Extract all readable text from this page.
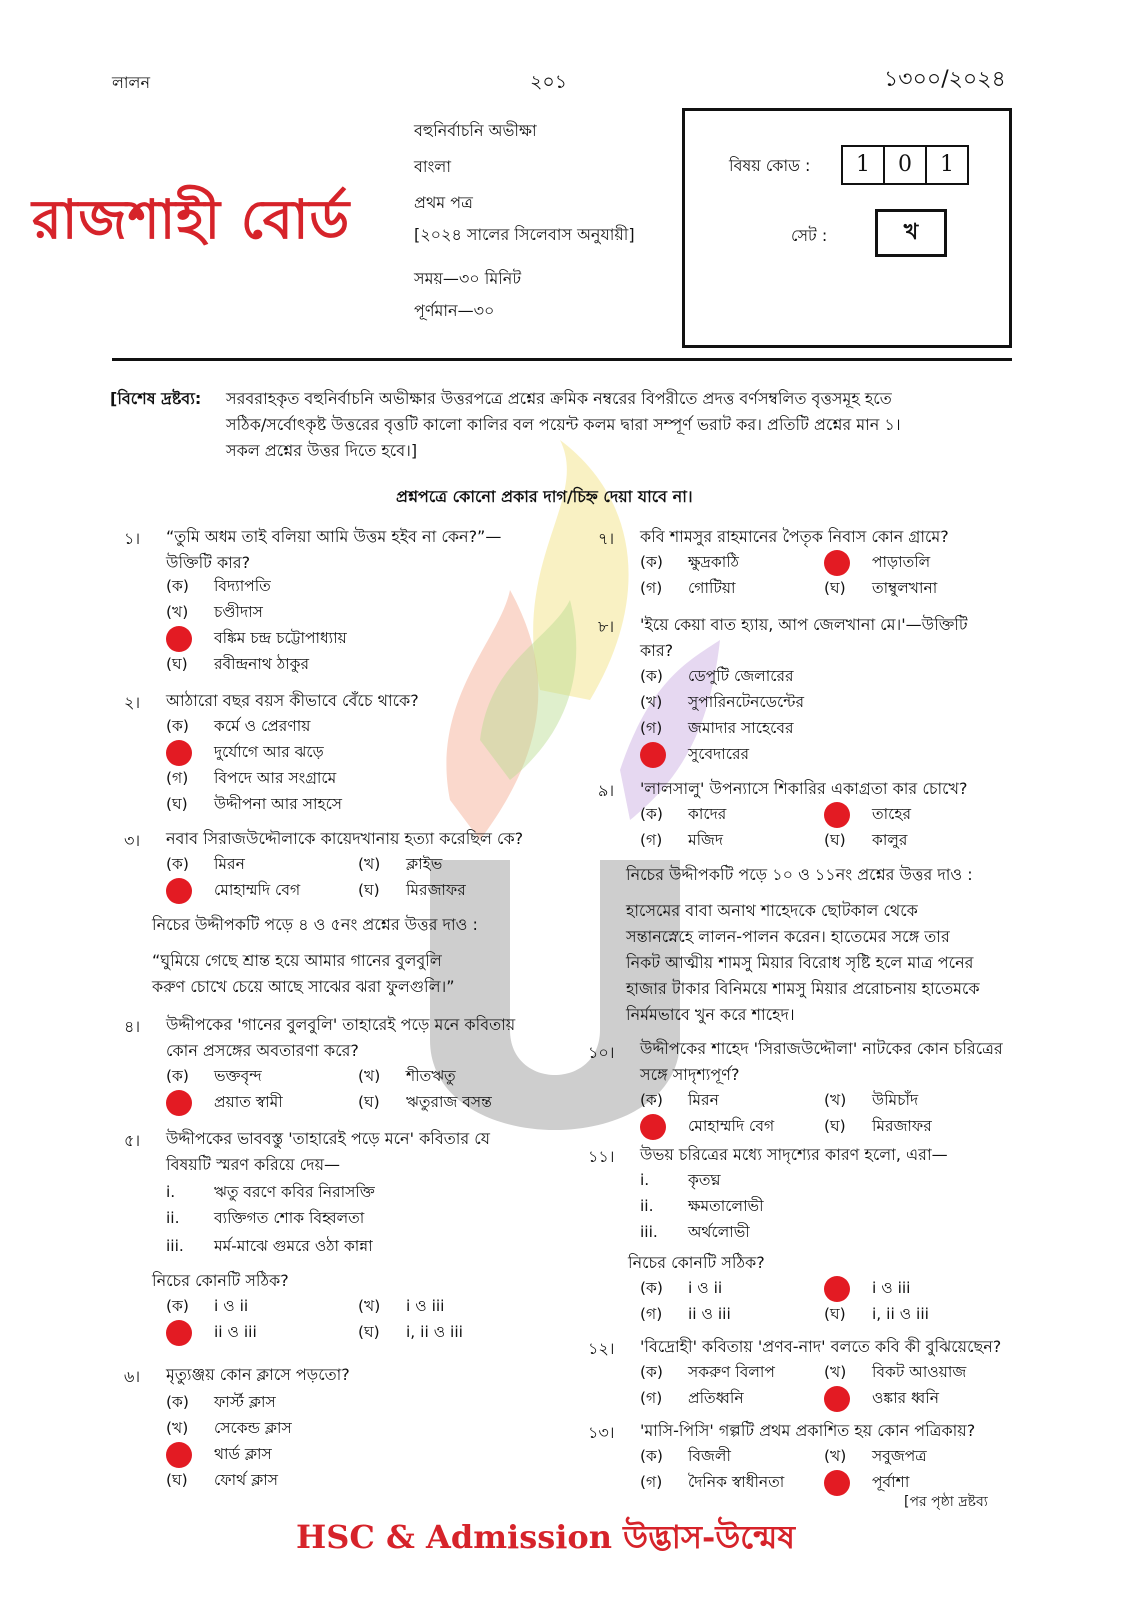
লালন	২০১	১৩০০/২০২৪
রাজশাহী বোর্ড
বহুনির্বাচনি অভীক্ষা
বাংলা
প্রথম পত্র
[২০২৪ সালের সিলেবাস অনুযায়ী]
সময়—৩০ মিনিট
পূর্ণমান—৩০
বিষয় কোড :	1 0 1
সেট :	খ
[বিশেষ দ্রষ্টব্য: সরবরাহকৃত বহুনির্বাচনি অভীক্ষার উত্তরপত্রে প্রশ্নের ক্রমিক নম্বরের বিপরীতে প্রদত্ত বর্ণসম্বলিত বৃত্তসমূহ হতে
সঠিক/সর্বোৎকৃষ্ট উত্তরের বৃত্তটি কালো কালির বল পয়েন্ট কলম দ্বারা সম্পূর্ণ ভরাট কর। প্রতিটি প্রশ্নের মান ১।
সকল প্রশ্নের উত্তর দিতে হবে।]
প্রশ্নপত্রে কোনো প্রকার দাগ/চিহ্ন দেয়া যাবে না।
১। “তুমি অধম তাই বলিয়া আমি উত্তম হইব না কেন?”—
উক্তিটি কার?
(ক) বিদ্যাপতি
(খ) চণ্ডীদাস
বঙ্কিম চন্দ্র চট্টোপাধ্যায়
(ঘ) রবীন্দ্রনাথ ঠাকুর
২। আঠারো বছর বয়স কীভাবে বেঁচে থাকে?
(ক) কর্মে ও প্রেরণায়
দুর্যোগে আর ঝড়ে
(গ) বিপদে আর সংগ্রামে
(ঘ) উদ্দীপনা আর সাহসে
৩। নবাব সিরাজউদ্দৌলাকে কায়েদখানায় হত্যা করেছিল কে?
(ক) মিরন	(খ) ক্লাইভ
মোহাম্মদি বেগ	(ঘ) মিরজাফর
নিচের উদ্দীপকটি পড়ে ৪ ও ৫নং প্রশ্নের উত্তর দাও :
“ঘুমিয়ে গেছে শ্রান্ত হয়ে আমার গানের বুলবুলি
করুণ চোখে চেয়ে আছে সাঝের ঝরা ফুলগুলি।”
৪। উদ্দীপকের 'গানের বুলবুলি' তাহারেই পড়ে মনে কবিতায়
কোন প্রসঙ্গের অবতারণা করে?
(ক) ভক্তবৃন্দ	(খ) শীতঋতু
প্রয়াত স্বামী	(ঘ) ঋতুরাজ বসন্ত
৫। উদ্দীপকের ভাববস্তু 'তাহারেই পড়ে মনে' কবিতার যে
বিষয়টি স্মরণ করিয়ে দেয়—
i.	ঋতু বরণে কবির নিরাসক্তি
ii. ব্যক্তিগত শোক বিহ্বলতা
iii. মর্ম-মাঝে গুমরে ওঠা কান্না
নিচের কোনটি সঠিক?
(ক) i ও ii	(খ) i ও iii
ii ও iii	(ঘ) i, ii ও iii
৬। মৃত্যুঞ্জয় কোন ক্লাসে পড়তো?
(ক) ফার্স্ট ক্লাস
(খ) সেকেন্ড ক্লাস
থার্ড ক্লাস
(ঘ) ফোর্থ ক্লাস
৭। কবি শামসুর রাহমানের পৈতৃক নিবাস কোন গ্রামে?
(ক) ক্ষুদ্রকাঠি	পাড়াতলি
(গ) গোটিয়া	(ঘ) তাম্বুলখানা
৮। 'ইয়ে কেয়া বাত হ্যায়, আপ জেলখানা মে।'—উক্তিটি
কার?
(ক) ডেপুটি জেলারের
(খ) সুপারিনটেনডেন্টের
(গ) জমাদার সাহেবের
সুবেদারের
৯। 'লালসালু' উপন্যাসে শিকারির একাগ্রতা কার চোখে?
(ক) কাদের	তাহের
(গ) মজিদ	(ঘ) কালুর
নিচের উদ্দীপকটি পড়ে ১০ ও ১১নং প্রশ্নের উত্তর দাও :
হাসেমের বাবা অনাথ শাহেদকে ছোটকাল থেকে
সন্তানস্নেহে লালন-পালন করেন। হাতেমের সঙ্গে তার
নিকট আত্মীয় শামসু মিয়ার বিরোধ সৃষ্টি হলে মাত্র পনের
হাজার টাকার বিনিময়ে শামসু মিয়ার প্ররোচনায় হাতেমকে
নির্মমভাবে খুন করে শাহেদ।
১০। উদ্দীপকের শাহেদ 'সিরাজউদ্দৌলা' নাটকের কোন চরিত্রের
সঙ্গে সাদৃশ্যপূর্ণ?
(ক) মিরন	(খ) উমিচাঁদ
মোহাম্মদি বেগ	(ঘ) মিরজাফর
১১। উভয় চরিত্রের মধ্যে সাদৃশ্যের কারণ হলো, এরা—
i.	কৃতঘ্ন
ii. ক্ষমতালোভী
iii. অর্থলোভী
নিচের কোনটি সঠিক?
(ক) i ও ii	i ও iii
(গ) ii ও iii	(ঘ) i, ii ও iii
১২। 'বিদ্রোহী' কবিতায় 'প্রণব-নাদ' বলতে কবি কী বুঝিয়েছেন?
(ক) সকরুণ বিলাপ	(খ) বিকট আওয়াজ
(গ) প্রতিধ্বনি	ওঙ্কার ধ্বনি
১৩। 'মাসি-পিসি' গল্পটি প্রথম প্রকাশিত হয় কোন পত্রিকায়?
(ক) বিজলী	(খ) সবুজপত্র
(গ) দৈনিক স্বাধীনতা	পূর্বাশা
[পর পৃষ্ঠা দ্রষ্টব্য
HSC & Admission উদ্ভাস-উন্মেষ
